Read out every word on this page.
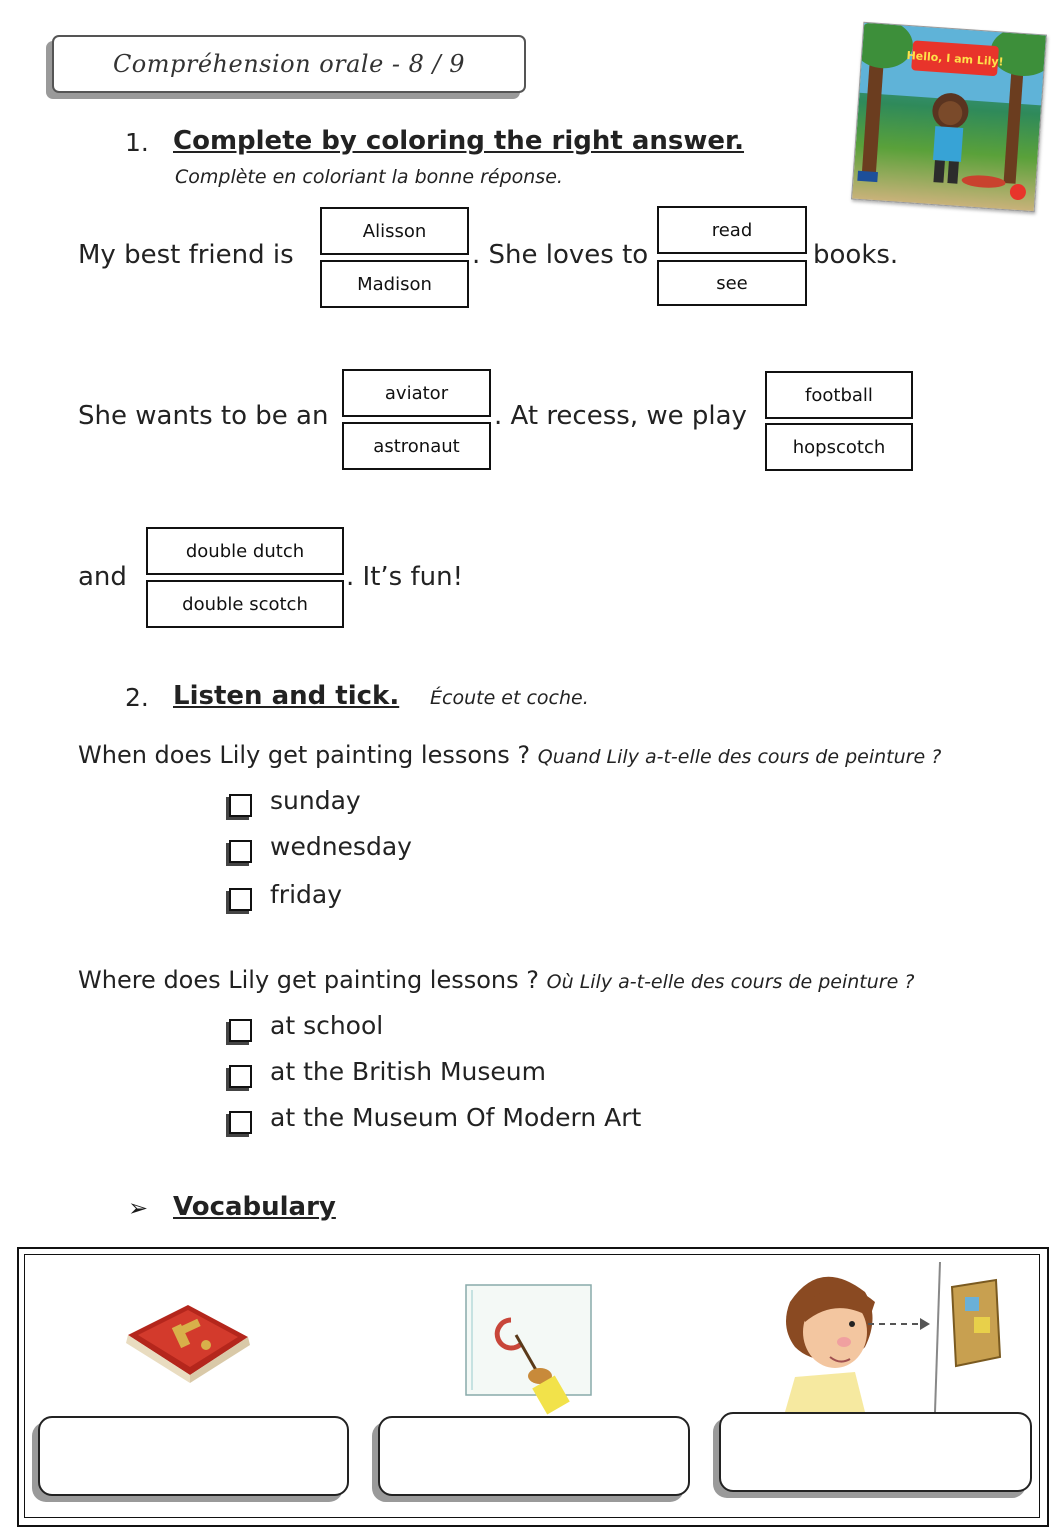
Compréhension orale - 8 / 9	Hello, I am Lily!
1. Complete by coloring the right answer.
Complète en coloriant la bonne réponse.
My best friend is
Alisson
Madison
. She loves to
read
see
books.
She wants to be an
aviator
astronaut
. At recess, we play
football
hopscotch
and
double dutch
double scotch
. It’s fun!
2. Listen and tick. Écoute et coche.
When does Lily get painting lessons ? Quand Lily a-t-elle des cours de peinture ?
sunday
wednesday
friday
Where does Lily get painting lessons ? Où Lily a-t-elle des cours de peinture ?
at school
at the British Museum
at the Museum Of Modern Art
➢ Vocabulary
